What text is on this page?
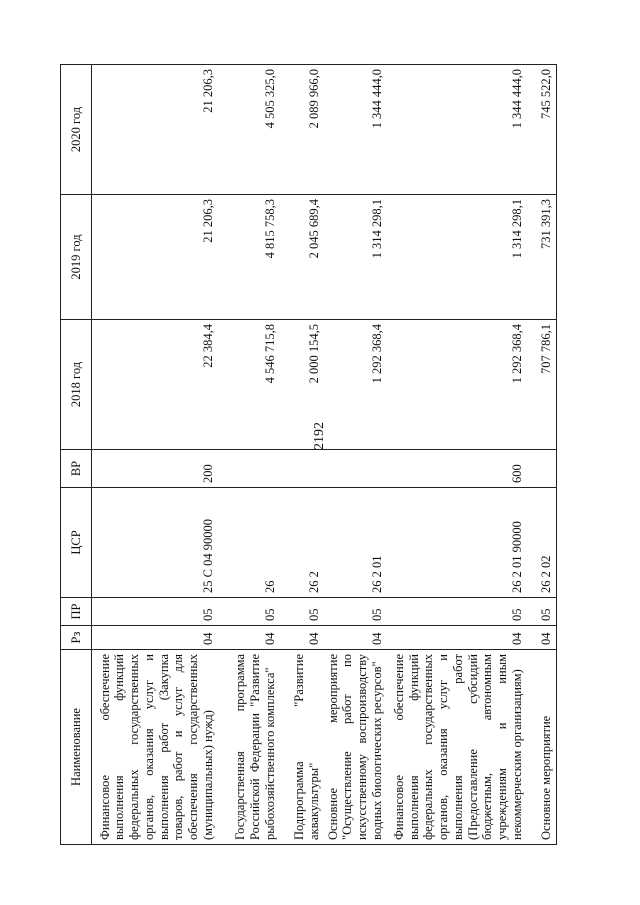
2192
Наименование	Рз	ПР	ЦСР	ВР	2018 год	2019 год	2020 год
Финансовое обеспечение выполнения функций федеральных государственных органов, оказания услуг и выполнения работ (Закупка товаров, работ и услуг для обеспечения государственных (муниципальных) нужд)	04	05	25 С 04 90000	200	22 384,4	21 206,3	21 206,3
Государственная программа Российской Федерации "Развитие рыбохозяйственного комплекса"	04	05	26		4 546 715,8	4 815 758,3	4 505 325,0
Подпрограмма "Развитие аквакультуры"	04	05	26 2		2 000 154,5	2 045 689,4	2 089 966,0
Основное мероприятие "Осуществление работ по искусственному воспроизводству водных биологических ресурсов"	04	05	26 2 01		1 292 368,4	1 314 298,1	1 344 444,0
Финансовое обеспечение выполнения функций федеральных государственных органов, оказания услуг и выполнения работ (Предоставление субсидий бюджетным, автономным учреждениям и иным некоммерческим организациям)	04	05	26 2 01 90000	600	1 292 368,4	1 314 298,1	1 344 444,0
Основное мероприятие	04	05	26 2 02		707 786,1	731 391,3	745 522,0
